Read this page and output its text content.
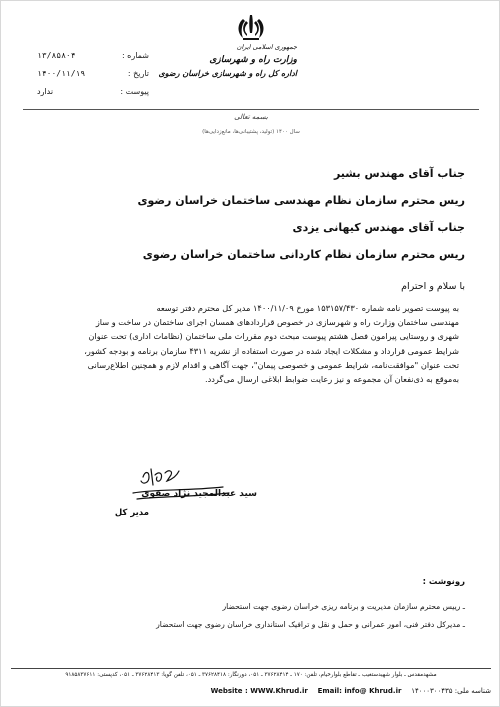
جمهوری اسلامی ایران
وزارت راه و شهرسازی
اداره کل راه و شهرسازی خراسان رضوی
شماره :
۱۳/۸۵۸۰۴
تاریخ :
۱۴۰۰/۱۱/۱۹
پیوست :
ندارد
بسمه تعالی
سال ۱۴۰۰ (تولید، پشتیبانی‌ها، مانع‌زدایی‌ها)
جناب آقای مهندس بشیر
ریس محترم سازمان نظام مهندسی ساختمان خراسان رضوی
جناب آقای مهندس کیهانی یزدی
ریس محترم سازمان نظام کاردانی ساختمان خراسان رضوی
با سلام و احترام
به پیوست تصویر نامه شماره ۱۵۳۱۵۷/۴۳۰ مورخ ۱۴۰۰/۱۱/۰۹ مدیر کل محترم دفتر توسعه
مهندسی ساختمان وزارت راه و شهرسازی در خصوص قراردادهای همسان اجرای ساختمان در ساخت و ساز
شهری و روستایی پیرامون فصل هشتم پیوست مبحث دوم مقررات ملی ساختمان (نظامات اداری) تحت عنوان
شرایط عمومی قرارداد و مشکلات ایجاد شده در صورت استفاده از نشریه ۴۳۱۱ سازمان برنامه و بودجه کشور،
تحت عنوان "موافقت‌نامه، شرایط عمومی و خصوصی پیمان"، جهت آگاهی و اقدام لازم و همچنین اطلاع‌رسانی
به‌موقع به ذی‌نفعان آن مجموعه و نیز رعایت ضوابط ابلاغی ارسال می‌گردد.
سید عبدالمجید نژاد صفوی
مدیر کل
رونوشت :
ـ رییس محترم سازمان مدیریت و برنامه ریزی خراسان رضوی جهت استحضار
ـ مدیرکل دفتر فنی، امور عمرانی و حمل و نقل و ترافیک استانداری خراسان رضوی جهت استحضار
مشهدمقدس ـ بلوار شهیدستغیب ـ تقاطع بلوارخیام، تلفن: ۱۷۰ ـ ۳۷۶۲۸۴۱۴ ـ ۰۵۱، دورنگار: ۳۷۶۲۸۴۱۸ ـ ۰۵۱، تلفن گویا: ۳۷۶۲۸۴۱۳ ـ ۰۵۱، کدپستی: ۹۱۸۵۸۳۷۶۱۱
Website : WWW.Khrud.ir Email: info@ Khrud.ir شناسه ملی: ۱۴۰۰۰۳۰۰۴۳۵
